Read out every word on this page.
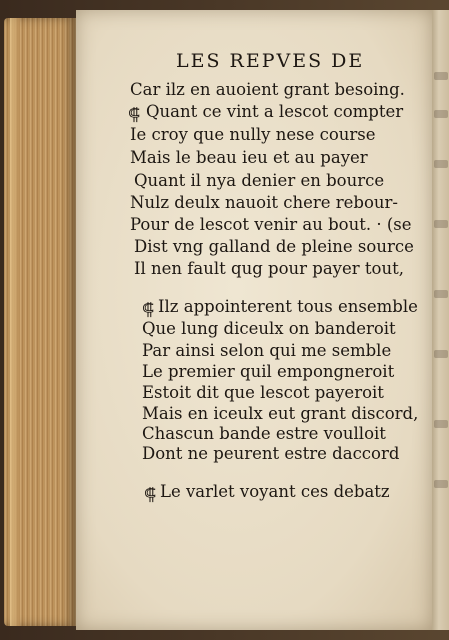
LES REPVES DE
Car ilz en auoient grant besoing.
⸿ Quant ce vint a lescot compter
Ie croy que nully nese course
Mais le beau ieu et au payer
Quant il nya denier en bource
Nulz deulx nauoit chere rebour-
Pour de lescot venir au bout. · (se
Dist vng galland de pleine source
Il nen fault qug pour payer tout,
⸿ Ilz appointerent tous ensemble
Que lung diceulx on banderoit
Par ainsi selon qui me semble
Le premier quil empongneroit
Estoit dit que lescot payeroit
Mais en iceulx eut grant discord,
Chascun bande estre voulloit
Dont ne peurent estre daccord
⸿ Le varlet voyant ces debatz
